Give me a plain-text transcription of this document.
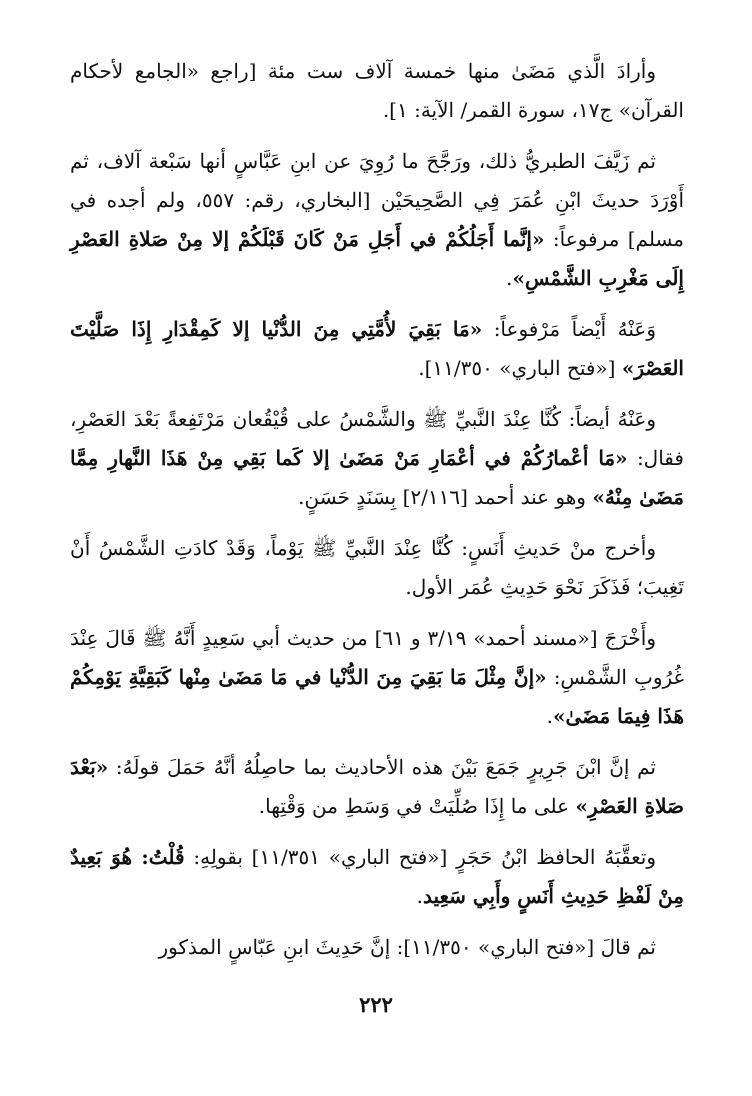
وأرادَ الَّذي مَضَىٰ منها خمسة آلاف ست مئة [راجع «الجامع لأحكام القرآن» ج١٧، سورة القمر/ الآية: ١].

ثم زَيَّفَ الطبريُّ ذلك، ورَجَّحَ ما رُوِيَ عن ابنِ عَبَّاسٍ أنها سَبْعة آلاف، ثم أَوْرَدَ حديثَ ابْنِ عُمَرَ فِي الصَّحِيحَيْن [البخاري، رقم: ٥٥٧، ولم أجده في مسلم] مرفوعاً: «إنَّما أَجَلُكُمْ في أَجَلِ مَنْ كَانَ قَبْلَكُمْ إلا مِنْ صَلاةِ العَصْرِ إِلَى مَغْرِبِ الشَّمْسِ».

وَعَنْهُ أَيْضاً مَرْفوعاً: «مَا بَقِيَ لأُمَّتِي مِنَ الدُّنْيا إلا كَمِقْدَارِ إِذَا صَلَّيْتَ العَصْرَ» [«فتح الباري» ١١/٣٥٠].

وعَنْهُ أيضاً: كُنَّا عِنْدَ النَّبيِّ ﷺ والشَّمْسُ على قُيْقُعان مَرْتَفِعةً بَعْدَ العَصْرِ، فقال: «مَا أعْمارُكُمْ في أعْمَارِ مَنْ مَضَىٰ إلا كَما بَقِي مِنْ هَذَا النَّهارِ مِمَّا مَضَىٰ مِنْهُ» وهو عند أحمد [٢/١١٦] بِسَنَدٍ حَسَنٍ.

وأخرج منْ حَديثِ أَنَسٍ: كُنَّا عِنْدَ النَّبيِّ ﷺ يَوْماً، وَقَدْ كادَتِ الشَّمْسُ أَنْ تَغِيبَ؛ فَذَكَرَ نَحْوَ حَدِيثِ عُمَر الأول.

وأَخْرَجَ [«مسند أحمد» ٣/١٩ و ٦١] من حديث أبي سَعِيدٍ أَنَّهُ ﷺ قَالَ عِنْدَ غُرُوبِ الشَّمْسِ: «إنَّ مِثْلَ مَا بَقِيَ مِنَ الدُّنْيا في مَا مَضَىٰ مِنْها كَبَقِيَّةِ يَوْمِكُمْ هَذَا فِيمَا مَضَىٰ».

ثم إنَّ ابْنَ جَرِيرٍ جَمَعَ بَيْنَ هذه الأحاديث بما حاصِلُهُ أنَّهُ حَمَلَ قولَهُ: «بَعْدَ صَلاةِ العَصْرِ» على ما إِذَا صُلِّيَتْ في وَسَطِ من وَقْتِها.

وتعقَّبَهُ الحافظ ابْنُ حَجَرٍ [«فتح الباري» ١١/٣٥١] بقولِهِ: قُلْتُ: هُوَ بَعِيدٌ مِنْ لَفْظِ حَدِيثِ أَنَسٍ وأَبِي سَعِيد.

ثم قالَ [«فتح الباري» ١١/٣٥٠]: إنَّ حَدِيثَ ابنِ عَبّاسٍ المذكور

٢٢٢
